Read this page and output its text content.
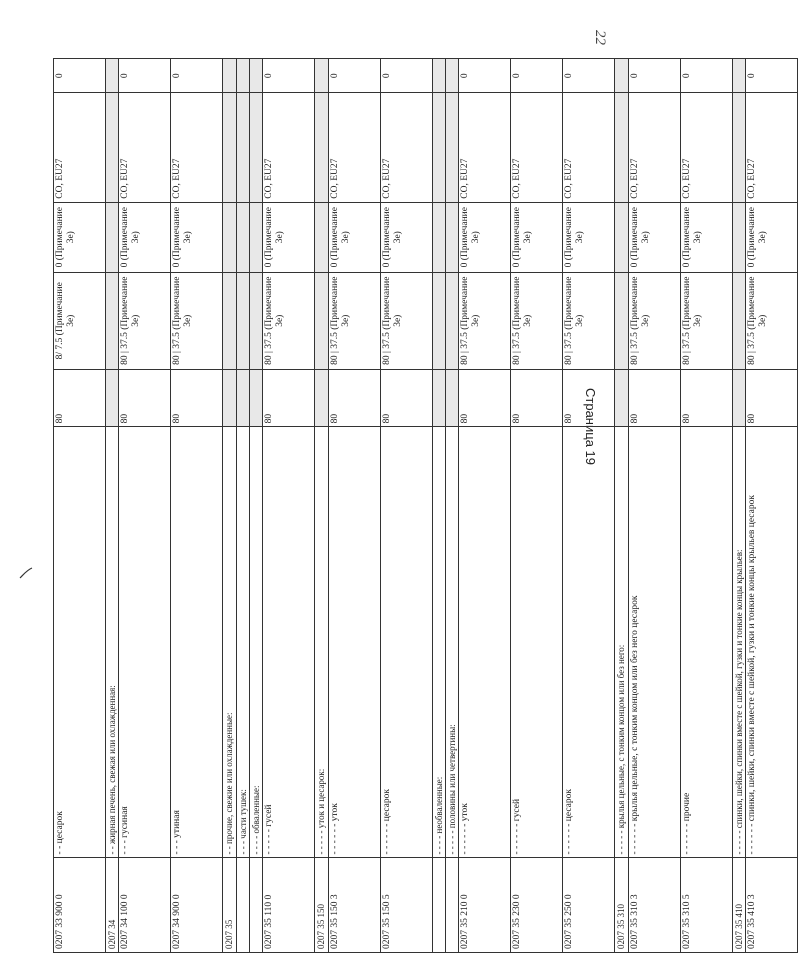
22
Страница 19
0207 33 900 0	- - цесарок	80	8/ 7.5 (Примечание 3е)	0 (Примечание 3е)	CO, EU27	0
0207 34	- - жирная печень, свежая или охлажденная:					
0207 34 100 0	- - - гусиная	80	80 | 37.5 (Примечание 3е)	0 (Примечание 3е)	CO, EU27	0
0207 34 900 0	- - - утиная	80	80 | 37.5 (Примечание 3е)	0 (Примечание 3е)	CO, EU27	0
0207 35	- - прочие, свежие или охлажденные:					
	- - - части тушек:					
	- - - - обваленные:					
0207 35 110 0	- - - - - гусей	80	80 | 37.5 (Примечание 3е)	0 (Примечание 3е)	CO, EU27	0
0207 35 150	- - - - - уток и цесарок:					
0207 35 150 3	- - - - - - уток	80	80 | 37.5 (Примечание 3е)	0 (Примечание 3е)	CO, EU27	0
0207 35 150 5	- - - - - - цесарок	80	80 | 37.5 (Примечание 3е)	0 (Примечание 3е)	CO, EU27	0
	- - - - необваленные:					
	- - - - - половины или четвертины:					
0207 35 210 0	- - - - - - уток	80	80 | 37.5 (Примечание 3е)	0 (Примечание 3е)	CO, EU27	0
0207 35 230 0	- - - - - - гусей	80	80 | 37.5 (Примечание 3е)	0 (Примечание 3е)	CO, EU27	0
0207 35 250 0	- - - - - - цесарок	80	80 | 37.5 (Примечание 3е)	0 (Примечание 3е)	CO, EU27	0
0207 35 310	- - - - - крылья цельные, с тонким концом или без него:					
0207 35 310 3	- - - - - - крылья цельные, с тонким концом или без него цесарок	80	80 | 37.5 (Примечание 3е)	0 (Примечание 3е)	CO, EU27	0
0207 35 310 5	- - - - - - прочие	80	80 | 37.5 (Примечание 3е)	0 (Примечание 3е)	CO, EU27	0
0207 35 410	- - - - - спинки, шейки, спинки вместе с шейкой, гузки и тонкие концы крыльев:					
0207 35 410 3	- - - - - - спинки, шейки, спинки вместе с шейкой, гузки и тонкие концы крыльев цесарок	80	80 | 37.5 (Примечание 3е)	0 (Примечание 3е)	CO, EU27	0
